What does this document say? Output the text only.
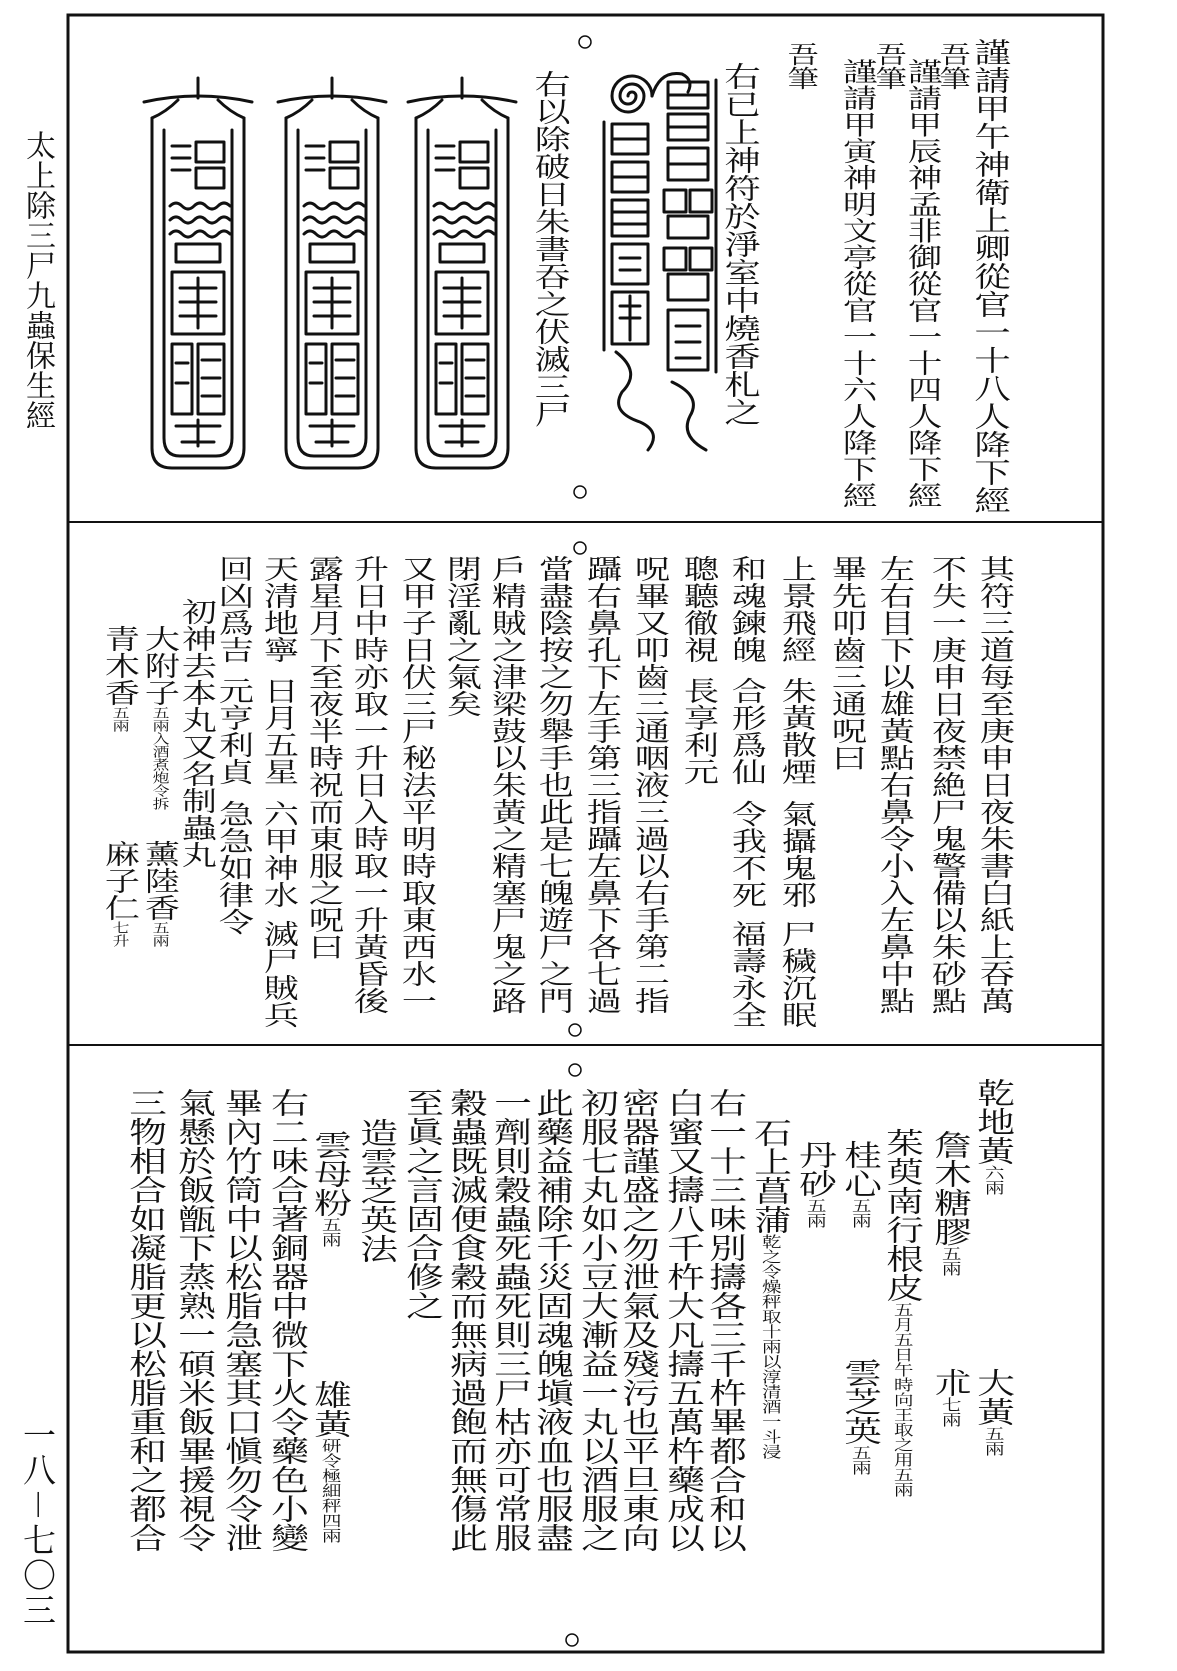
太上除三尸九蟲保生經
一八－七〇三
謹請甲午神衛上卿從官一十八人降下經
吾筆
謹請甲辰神孟非御從官一十四人降下經
吾筆
謹請甲寅神明文亭從官一十六人降下經
吾筆
右已上神符於淨室中燒香札之
右以除破日朱書吞之伏滅三尸
其符三道每至庚申日夜朱書白紙上吞萬
不失一庚申日夜禁絶尸鬼警備以朱砂點
左右目下以雄黃點右鼻令小入左鼻中點
畢先叩齒三通呪曰
上景飛經
朱黃散煙
氣攝鬼邪
尸穢沉眠
和魂鍊魄
合形爲仙
令我不死
福壽永全
聰聽徹視
長享利元
呪畢又叩齒三通咽液三過以右手第二指
躡右鼻孔下左手第三指躡左鼻下各七過
當盡陰按之勿舉手也此是七魄遊尸之門
戶精賊之津梁鼓以朱黃之精塞尸鬼之路
閉淫亂之氣矣
又甲子日伏三尸秘法平明時取東西水一
升日中時亦取一升日入時取一升黃昏後
露星月下至夜半時祝而東服之呪曰
天清地寧
日月五星
六甲神水
滅尸賊兵
回凶爲吉
元亨利貞
急急如律令
初神去本丸又名制蟲丸
大附子五兩入酒煮炮令拆
薰陸香五兩
青木香五兩
麻子仁七升
乾地黃六兩
大黃五兩
詹木糖膠五兩
朮七兩
茱萸南行根皮五月五日午時向王取之用五兩
桂心五兩
雲芝英五兩
丹砂五兩
石上菖蒲乾之令燥秤取十兩以淳清酒一斗浸
右一十三味別擣各三千杵畢都合和以
白蜜又擣八千杵大凡擣五萬杵藥成以
密器謹盛之勿泄氣及殘污也平旦東向
初服七丸如小豆大漸益一丸以酒服之
此藥益補除千災固魂魄塡液血也服盡
一劑則穀蟲死蟲死則三尸枯亦可常服
穀蟲既滅便食穀而無病過飽而無傷此
至眞之言固合修之
造雲芝英法
雲母粉五兩
雄黃研令極細秤四兩
右二味合著銅器中微下火令藥色小變
畢內竹筒中以松脂急塞其口愼勿令泄
氣懸於飯甑下蒸熟一碩米飯畢援視令
三物相合如凝脂更以松脂重和之都合
